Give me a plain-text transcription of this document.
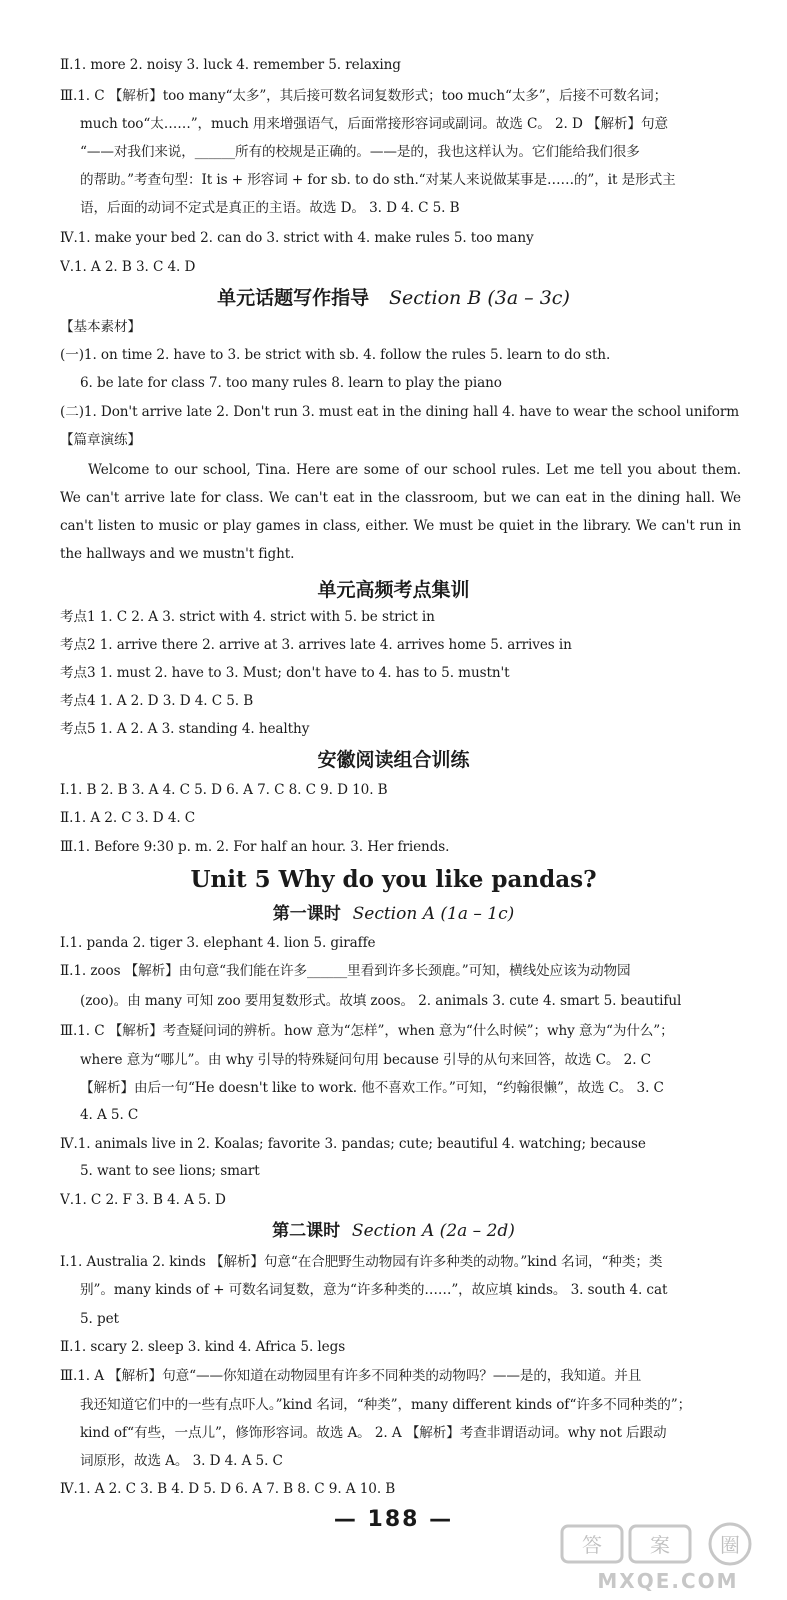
Ⅱ.1. more 2. noisy 3. luck 4. remember 5. relaxing
Ⅲ.1. C 【解析】too many“太多”，其后接可数名词复数形式；too much“太多”，后接不可数名词；
much too“太……”，much 用来增强语气，后面常接形容词或副词。故选 C。 2. D 【解析】句意
“——对我们来说，______所有的校规是正确的。——是的，我也这样认为。它们能给我们很多
的帮助。”考查句型：It is + 形容词 + for sb. to do sth.“对某人来说做某事是……的”，it 是形式主
语，后面的动词不定式是真正的主语。故选 D。 3. D 4. C 5. B
Ⅳ.1. make your bed 2. can do 3. strict with 4. make rules 5. too many
Ⅴ.1. A 2. B 3. C 4. D
单元话题写作指导 Section B (3a – 3c)
【基本素材】
(一)1. on time 2. have to 3. be strict with sb. 4. follow the rules 5. learn to do sth.
6. be late for class 7. too many rules 8. learn to play the piano
(二)1. Don't arrive late 2. Don't run 3. must eat in the dining hall 4. have to wear the school uniform
【篇章演练】
Welcome to our school, Tina. Here are some of our school rules. Let me tell you about them. We can't arrive late for class. We can't eat in the classroom, but we can eat in the dining hall. We can't listen to music or play games in class, either. We must be quiet in the library. We can't run in the hallways and we mustn't fight.
单元高频考点集训
考点1 1. C 2. A 3. strict with 4. strict with 5. be strict in
考点2 1. arrive there 2. arrive at 3. arrives late 4. arrives home 5. arrives in
考点3 1. must 2. have to 3. Must; don't have to 4. has to 5. mustn't
考点4 1. A 2. D 3. D 4. C 5. B
考点5 1. A 2. A 3. standing 4. healthy
安徽阅读组合训练
Ⅰ.1. B 2. B 3. A 4. C 5. D 6. A 7. C 8. C 9. D 10. B
Ⅱ.1. A 2. C 3. D 4. C
Ⅲ.1. Before 9:30 p. m. 2. For half an hour. 3. Her friends.
Unit 5 Why do you like pandas?
第一课时 Section A (1a – 1c)
Ⅰ.1. panda 2. tiger 3. elephant 4. lion 5. giraffe
Ⅱ.1. zoos 【解析】由句意“我们能在许多______里看到许多长颈鹿。”可知，横线处应该为动物园
(zoo)。由 many 可知 zoo 要用复数形式。故填 zoos。 2. animals 3. cute 4. smart 5. beautiful
Ⅲ.1. C 【解析】考查疑问词的辨析。how 意为“怎样”，when 意为“什么时候”；why 意为“为什么”；
where 意为“哪儿”。由 why 引导的特殊疑问句用 because 引导的从句来回答，故选 C。 2. C
【解析】由后一句“He doesn't like to work. 他不喜欢工作。”可知，“约翰很懒”，故选 C。 3. C
4. A 5. C
Ⅳ.1. animals live in 2. Koalas; favorite 3. pandas; cute; beautiful 4. watching; because
5. want to see lions; smart
Ⅴ.1. C 2. F 3. B 4. A 5. D
第二课时 Section A (2a – 2d)
Ⅰ.1. Australia 2. kinds 【解析】句意“在合肥野生动物园有许多种类的动物。”kind 名词，“种类；类
别”。many kinds of + 可数名词复数，意为“许多种类的……”，故应填 kinds。 3. south 4. cat
5. pet
Ⅱ.1. scary 2. sleep 3. kind 4. Africa 5. legs
Ⅲ.1. A 【解析】句意“——你知道在动物园里有许多不同种类的动物吗？——是的，我知道。并且
我还知道它们中的一些有点吓人。”kind 名词，“种类”，many different kinds of“许多不同种类的”；
kind of“有些，一点儿”，修饰形容词。故选 A。 2. A 【解析】考查非谓语动词。why not 后跟动
词原形，故选 A。 3. D 4. A 5. C
Ⅳ.1. A 2. C 3. B 4. D 5. D 6. A 7. B 8. C 9. A 10. B
— 188 —
答 案	圈
MXQE.COM
